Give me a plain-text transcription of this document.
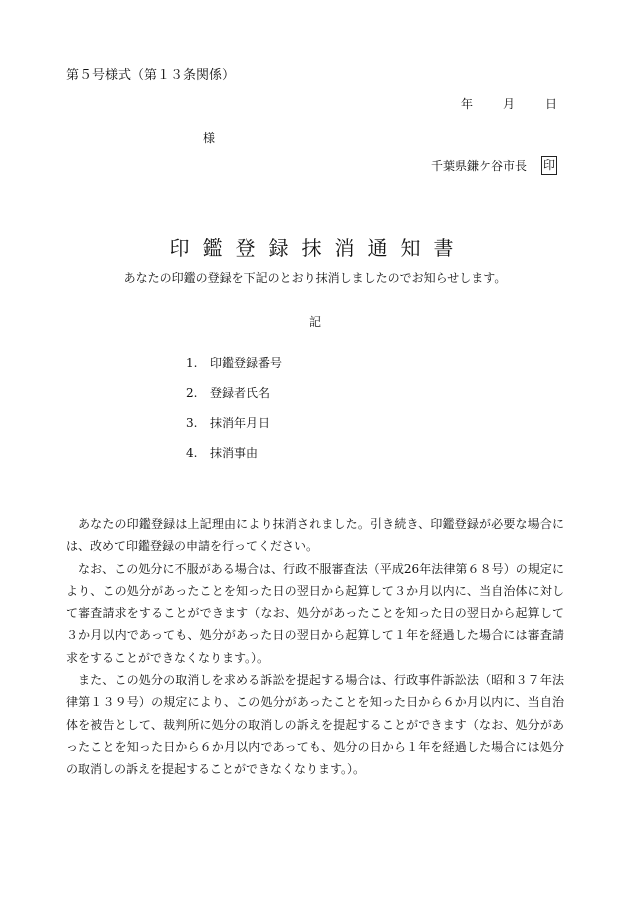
第５号様式（第１３条関係）
年	月	日
様
千葉県鎌ケ谷市長 印
印鑑登録抹消通知書
あなたの印鑑の登録を下記のとおり抹消しましたのでお知らせします。
記
1.	印鑑登録番号
2.	登録者氏名
3.	抹消年月日
4.	抹消事由

あなたの印鑑登録は上記理由により抹消されました。引き続き、印鑑登録が必要な場合には、改めて印鑑登録の申請を行ってください。

なお、この処分に不服がある場合は、行政不服審査法（平成26年法律第６８号）の規定により、この処分があったことを知った日の翌日から起算して３か月以内に、当自治体に対して審査請求をすることができます（なお、処分があったことを知った日の翌日から起算して３か月以内であっても、処分があった日の翌日から起算して１年を経過した場合には審査請求をすることができなくなります。）。

また、この処分の取消しを求める訴訟を提起する場合は、行政事件訴訟法（昭和３７年法律第１３９号）の規定により、この処分があったことを知った日から６か月以内に、当自治体を被告として、裁判所に処分の取消しの訴えを提起することができます（なお、処分があったことを知った日から６か月以内であっても、処分の日から１年を経過した場合には処分の取消しの訴えを提起することができなくなります。）。
